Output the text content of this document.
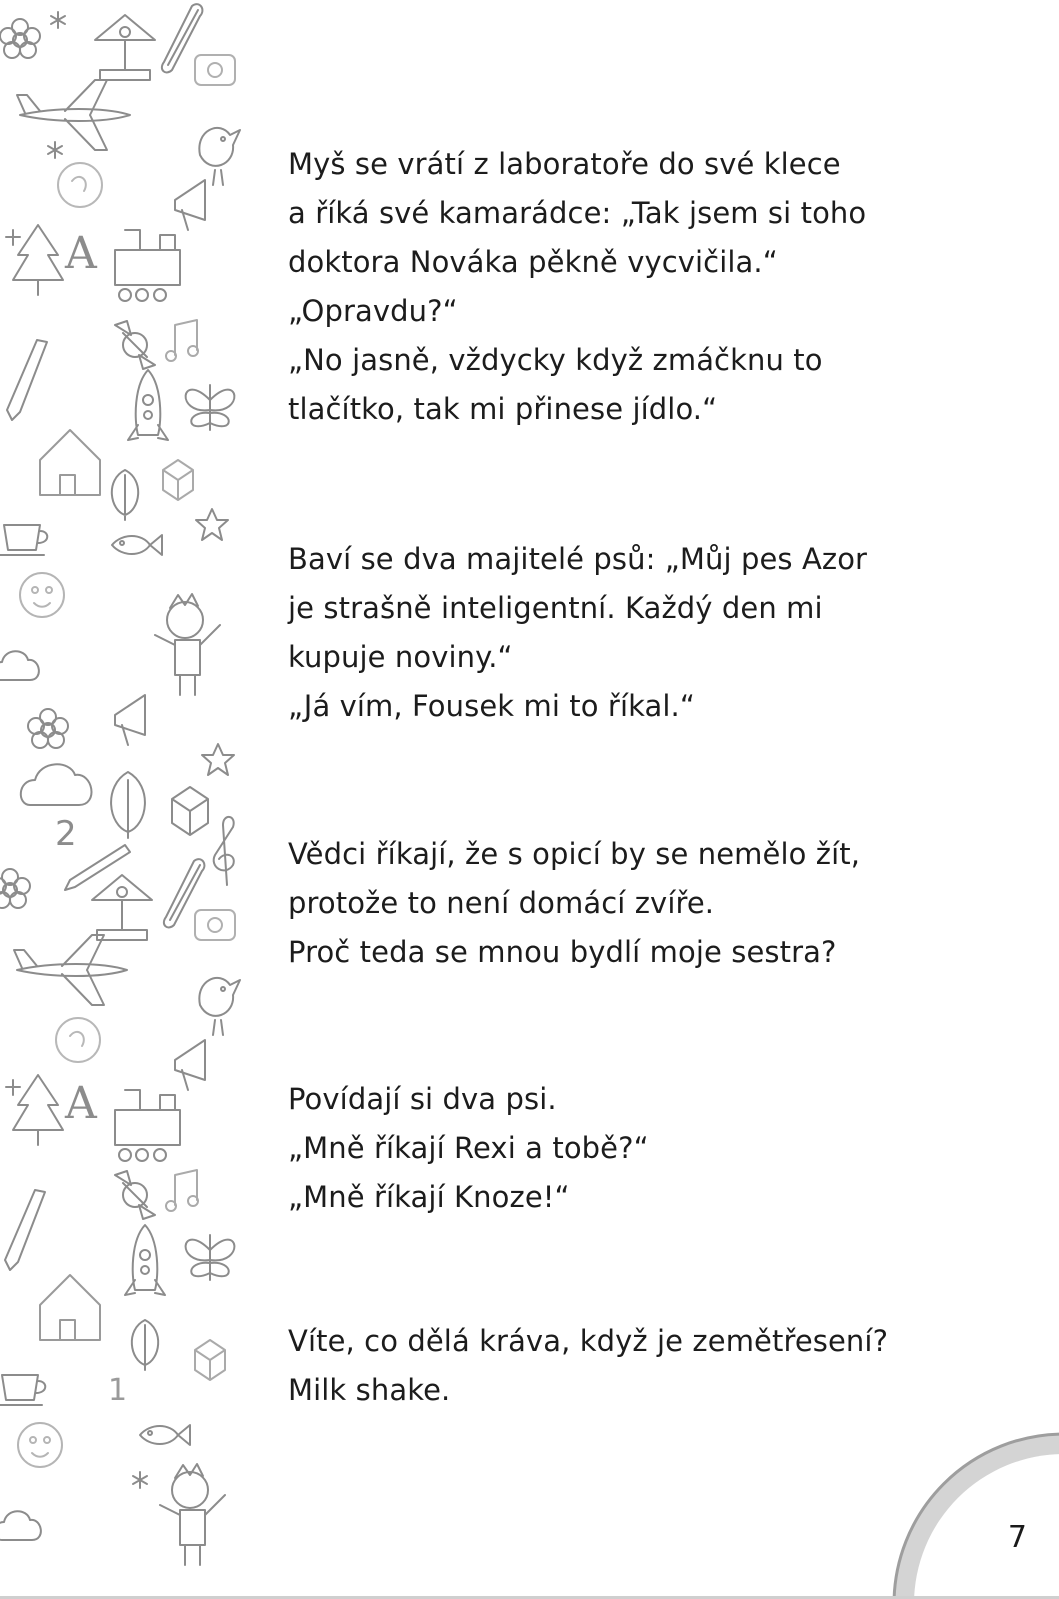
A
2
A
1

Myš se vrátí z laboratoře do své klece

a říká své kamarádce: „Tak jsem si toho

doktora Nováka pěkně vycvičila.“

„Opravdu?“

„No jasně, vždycky když zmáčknu to

tlačítko, tak mi přinese jídlo.“

Baví se dva majitelé psů: „Můj pes Azor

je strašně inteligentní. Každý den mi

kupuje noviny.“

„Já vím, Fousek mi to říkal.“

Vědci říkají, že s opicí by se nemělo žít,

protože to není domácí zvíře.

Proč teda se mnou bydlí moje sestra?

Povídají si dva psi.

„Mně říkají Rexi a tobě?“

„Mně říkají Knoze!“

Víte, co dělá kráva, když je zemětřesení?

Milk shake.

7
